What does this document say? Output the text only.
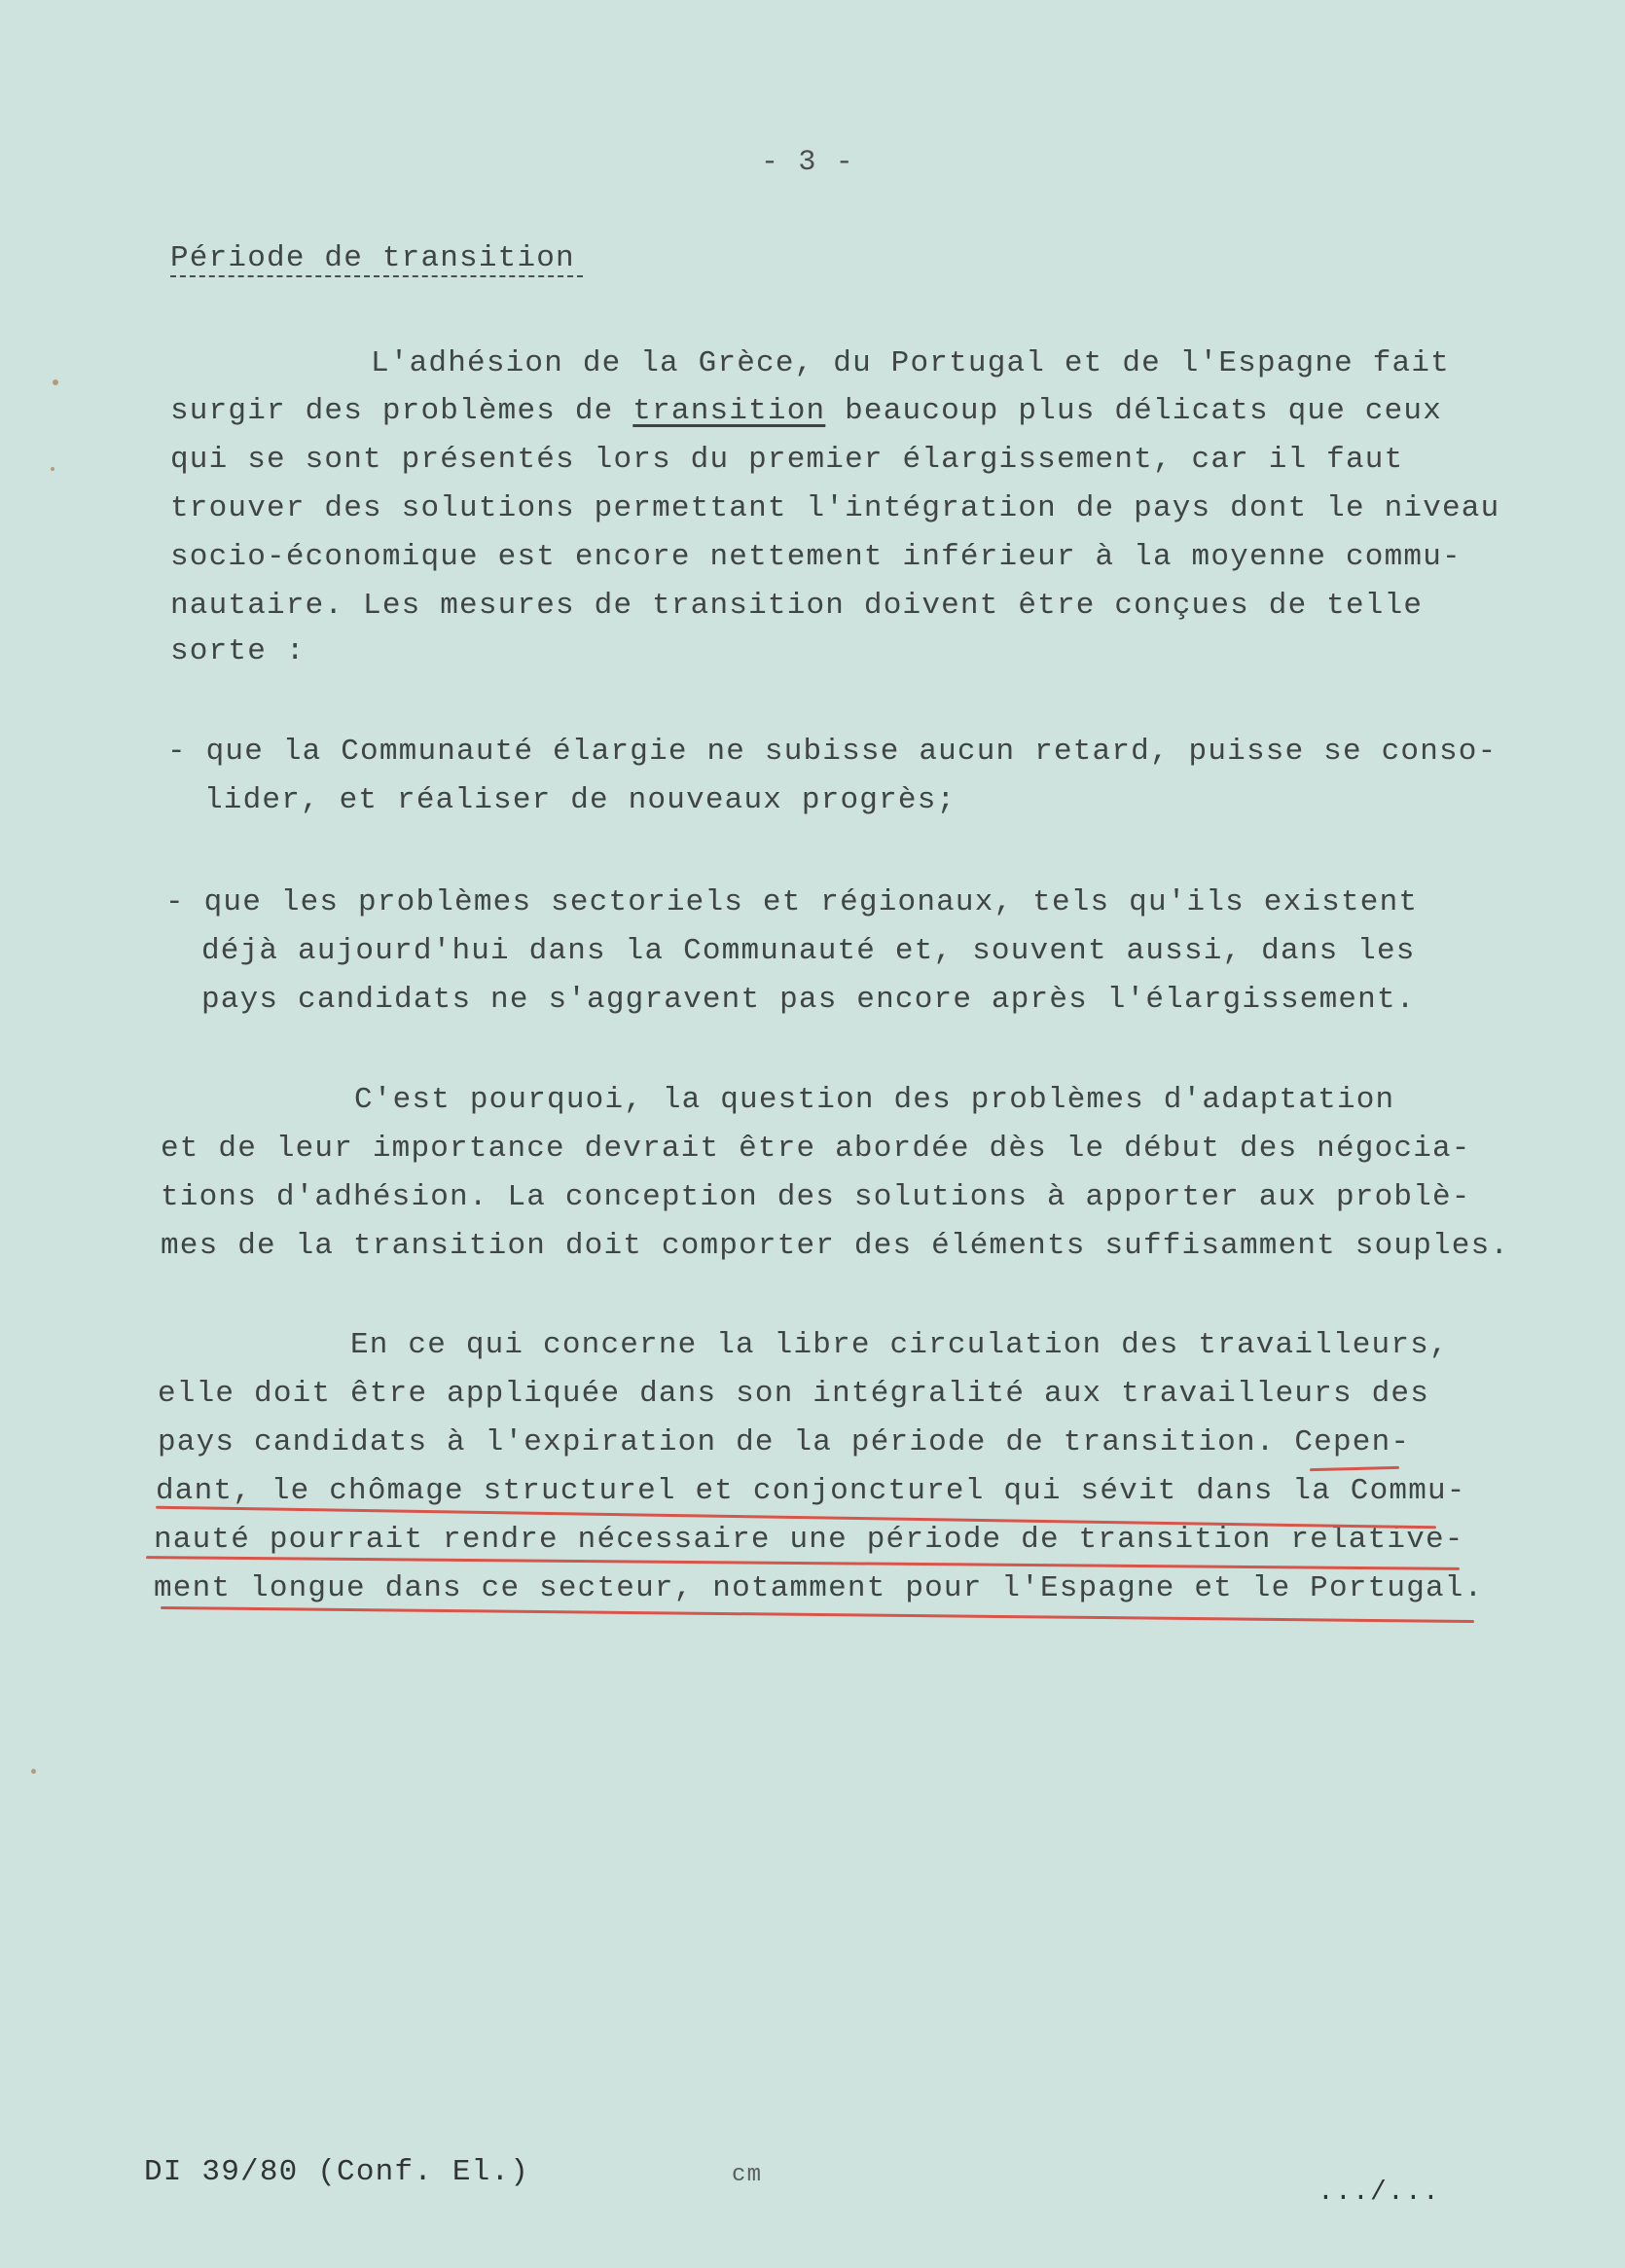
- 3 -
Période de transition
L'adhésion de la Grèce, du Portugal et de l'Espagne fait
surgir des problèmes de transition beaucoup plus délicats que ceux
qui se sont présentés lors du premier élargissement, car il faut
trouver des solutions permettant l'intégration de pays dont le niveau
socio-économique est encore nettement inférieur à la moyenne commu-
nautaire. Les mesures de transition doivent être conçues de telle
sorte :
- que la Communauté élargie ne subisse aucun retard, puisse se conso-
lider, et réaliser de nouveaux progrès;
- que les problèmes sectoriels et régionaux, tels qu'ils existent
déjà aujourd'hui dans la Communauté et, souvent aussi, dans les
pays candidats ne s'aggravent pas encore après l'élargissement.
C'est pourquoi, la question des problèmes d'adaptation
et de leur importance devrait être abordée dès le début des négocia-
tions d'adhésion. La conception des solutions à apporter aux problè-
mes de la transition doit comporter des éléments suffisamment souples.
En ce qui concerne la libre circulation des travailleurs,
elle doit être appliquée dans son intégralité aux travailleurs des
pays candidats à l'expiration de la période de transition. Cepen-
dant, le chômage structurel et conjoncturel qui sévit dans la Commu-
nauté pourrait rendre nécessaire une période de transition relative-
ment longue dans ce secteur, notamment pour l'Espagne et le Portugal.
DI 39/80 (Conf. El.)	cm
.../...
